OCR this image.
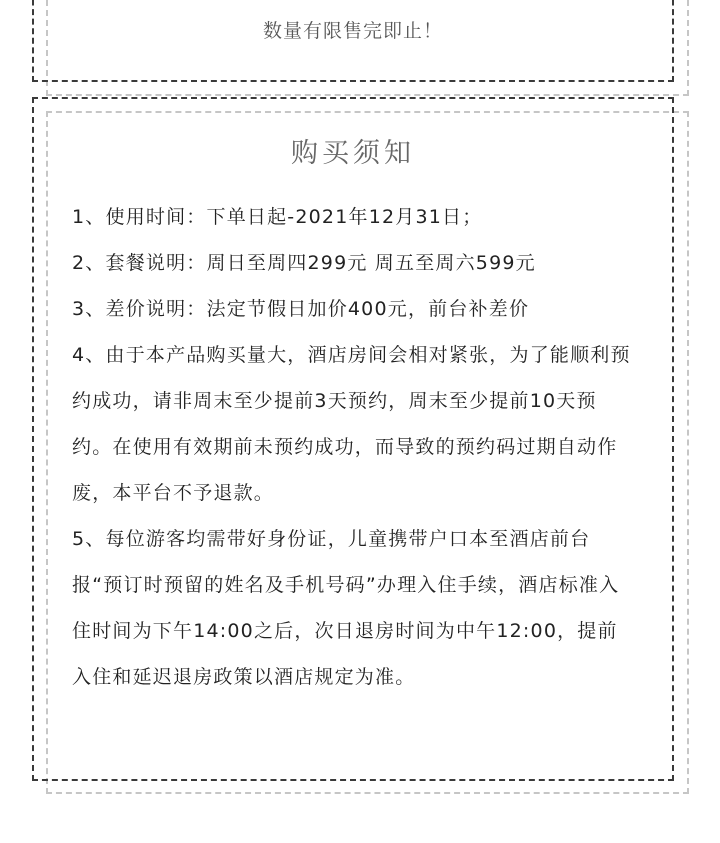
数量有限售完即止！
购买须知

1、使用时间：下单日起-2021年12月31日；

2、套餐说明：周日至周四299元 周五至周六599元

3、差价说明：法定节假日加价400元，前台补差价

4、由于本产品购买量大，酒店房间会相对紧张，为了能顺利预约成功，请非周末至少提前3天预约，周末至少提前10天预约。在使用有效期前未预约成功，而导致的预约码过期自动作废，本平台不予退款。

5、每位游客均需带好身份证，儿童携带户口本至酒店前台报“预订时预留的姓名及手机号码”办理入住手续，酒店标准入住时间为下午14:00之后，次日退房时间为中午12:00，提前入住和延迟退房政策以酒店规定为准。
